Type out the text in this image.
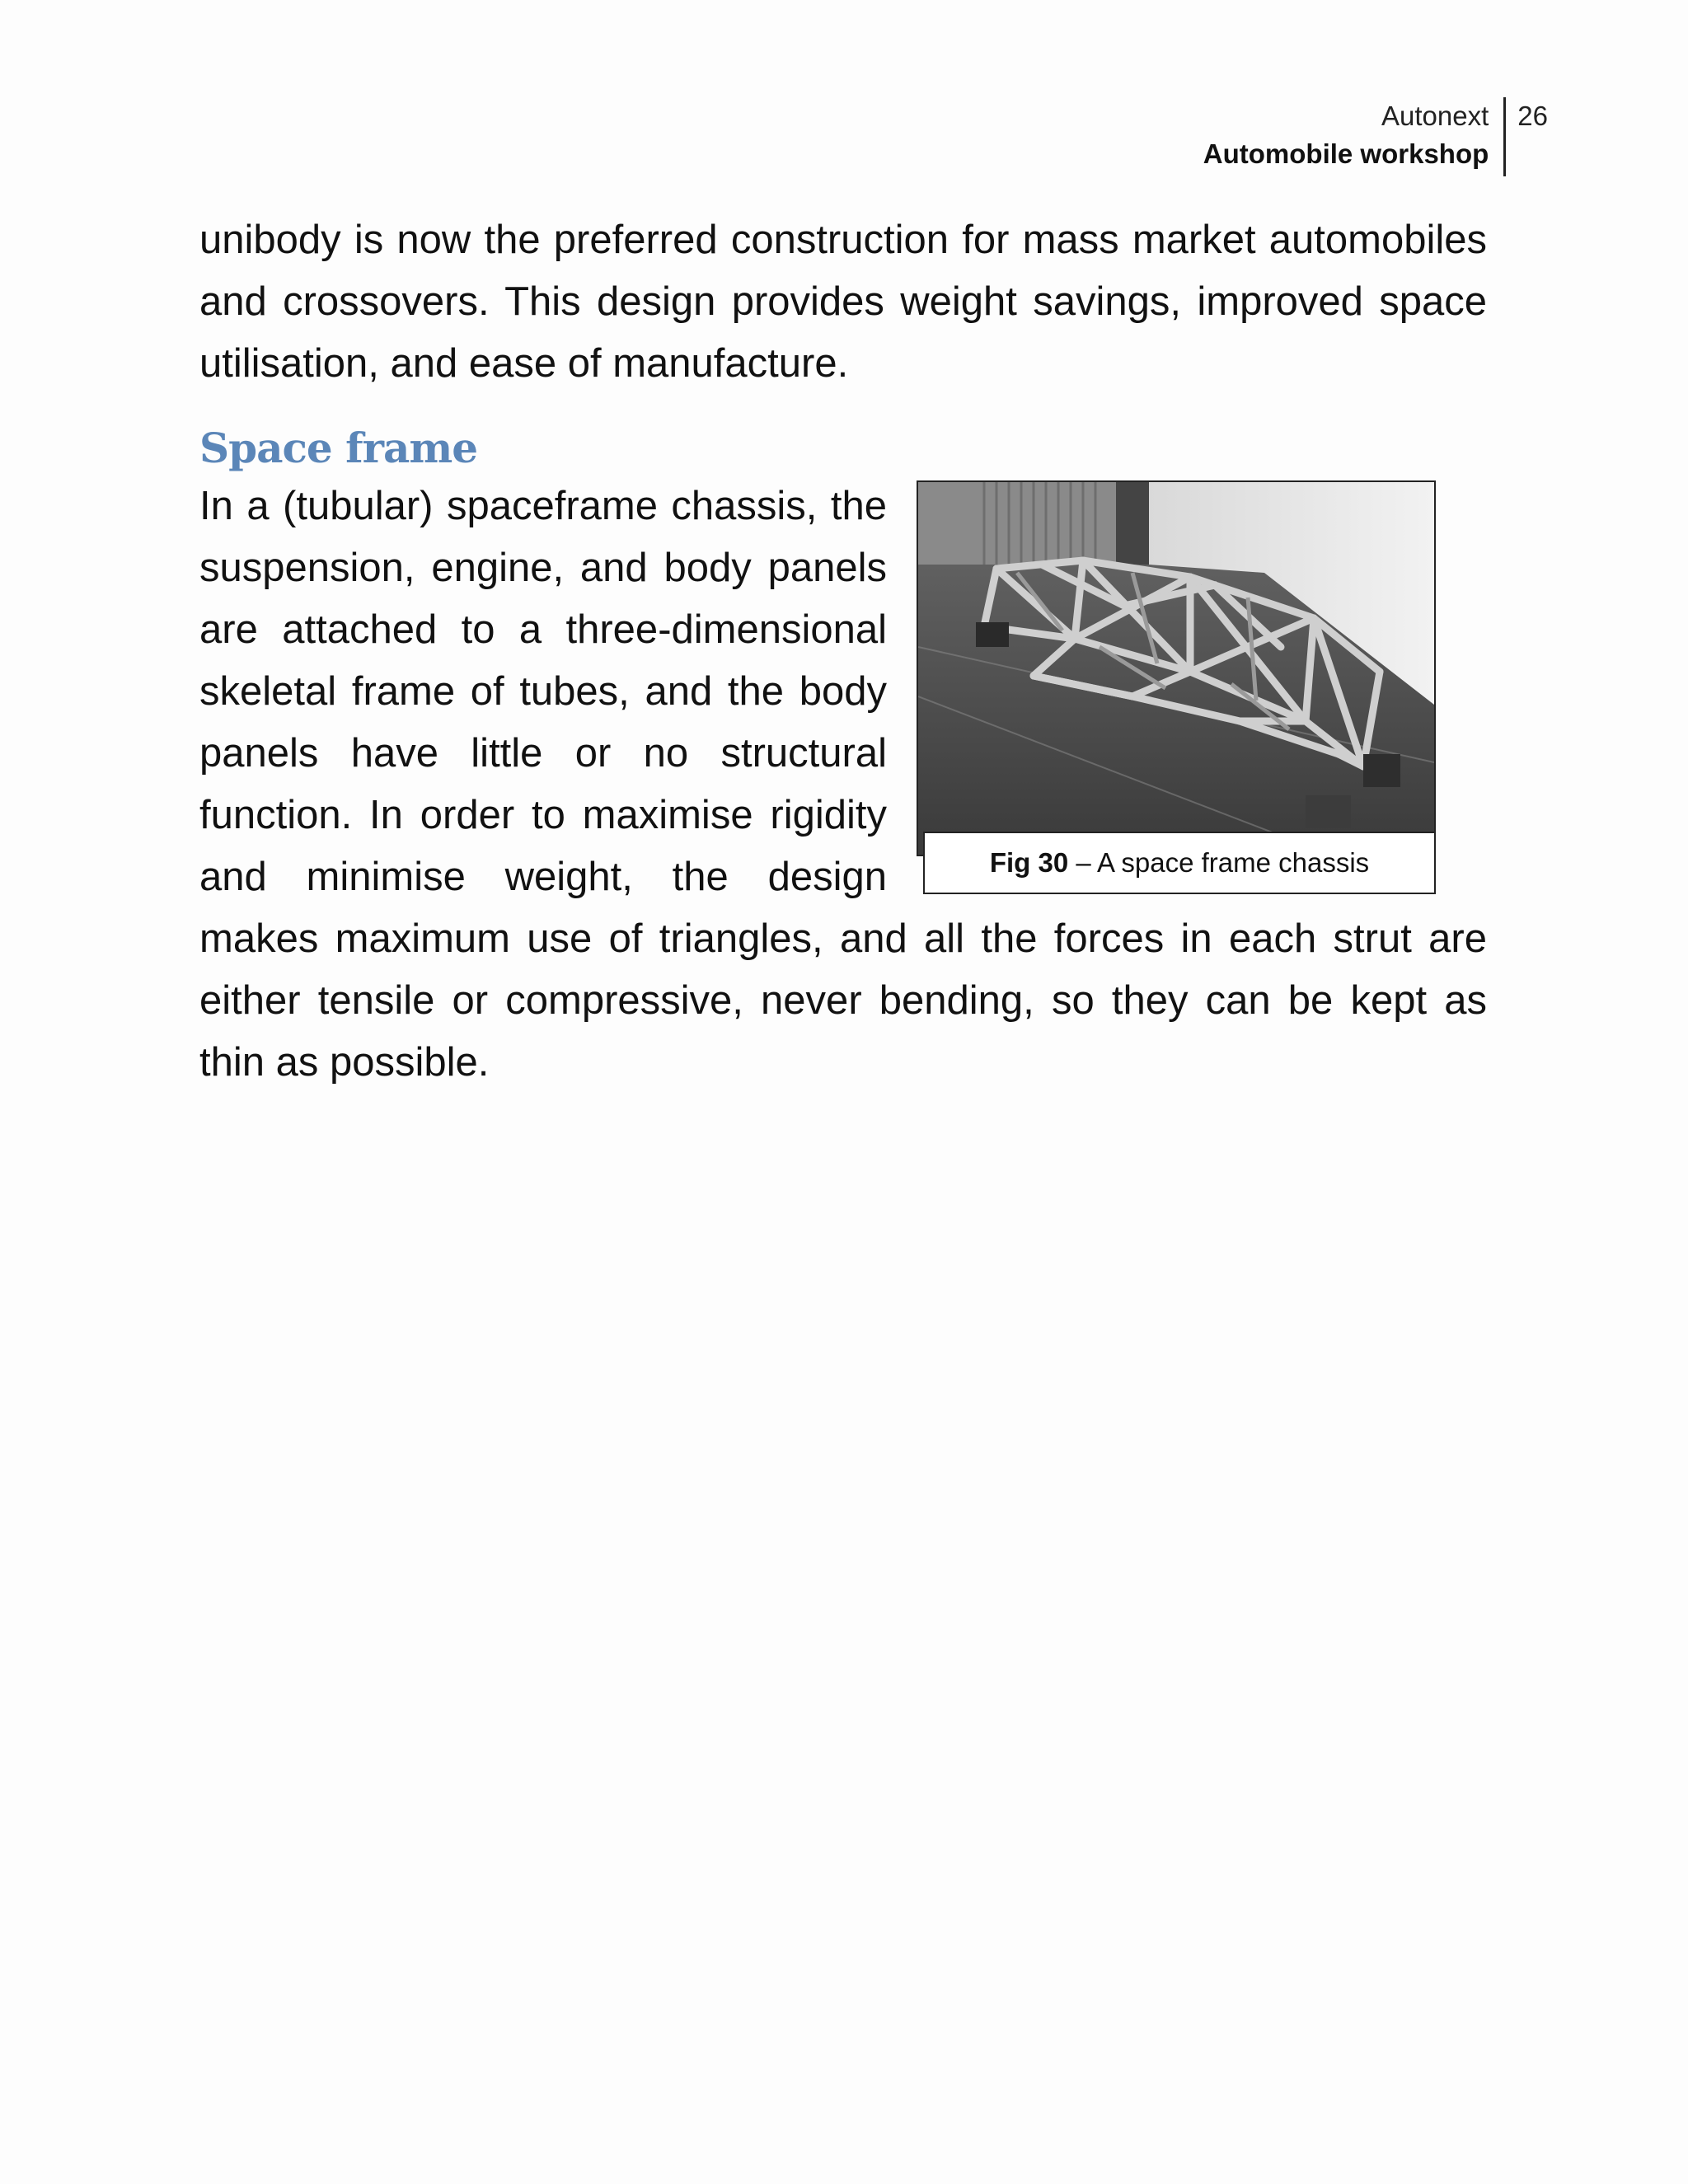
Autonext
Automobile workshop
26

unibody is now the preferred construction for mass market automobiles and crossovers. This design provides weight savings, improved space utilisation, and ease of manufacture.

Space frame
Fig 30 – A space frame chassis

In a (tubular) spaceframe chassis, the suspension, engine, and body panels are attached to a three-dimensional skeletal frame of tubes, and the body panels have little or no structural function. In order to maximise rigidity and minimise weight, the design makes maximum use of triangles, and all the forces in each strut are either tensile or compressive, never bending, so they can be kept as thin as possible.
